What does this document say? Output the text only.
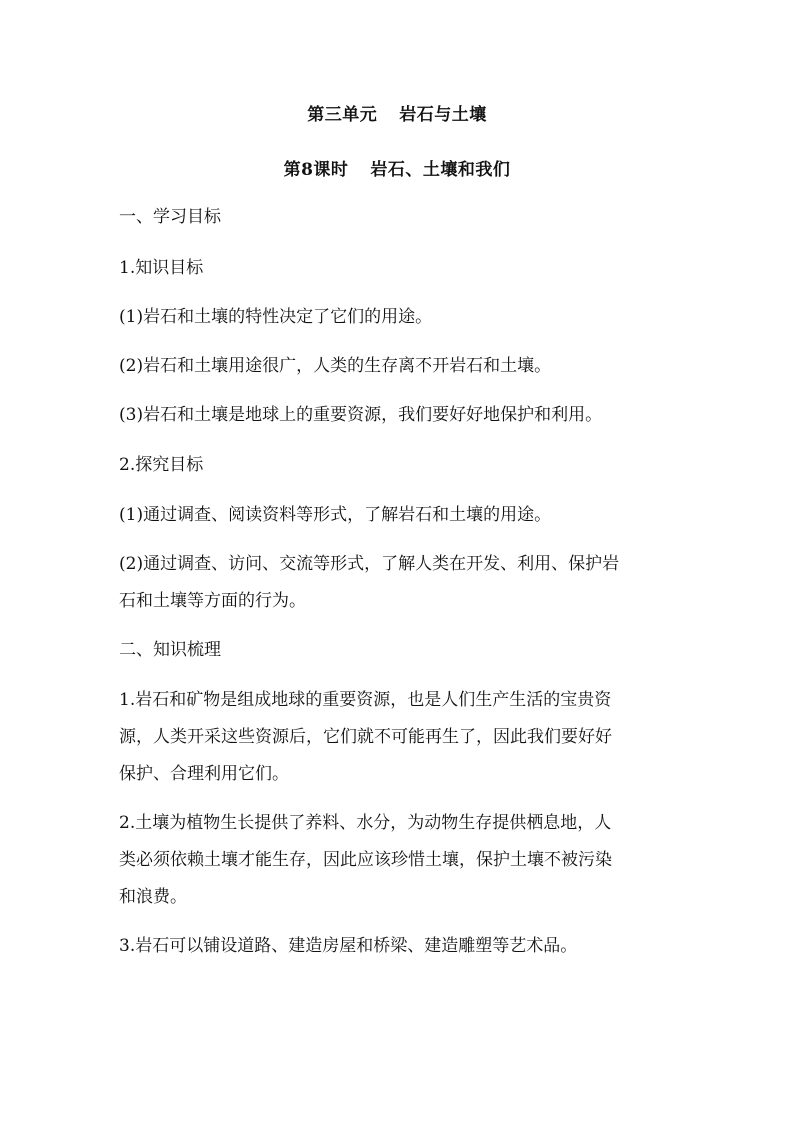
第三单元 岩石与土壤
第8课时 岩石、土壤和我们
一、学习目标
1.知识目标
(1)岩石和土壤的特性决定了它们的用途。
(2)岩石和土壤用途很广，人类的生存离不开岩石和土壤。
(3)岩石和土壤是地球上的重要资源，我们要好好地保护和利用。
2.探究目标
(1)通过调查、阅读资料等形式，了解岩石和土壤的用途。
(2)通过调查、访问、交流等形式，了解人类在开发、利用、保护岩
石和土壤等方面的行为。
二、知识梳理
1.岩石和矿物是组成地球的重要资源，也是人们生产生活的宝贵资
源，人类开采这些资源后，它们就不可能再生了，因此我们要好好
保护、合理利用它们。
2.土壤为植物生长提供了养料、水分，为动物生存提供栖息地，人
类必须依赖土壤才能生存，因此应该珍惜土壤，保护土壤不被污染
和浪费。
3.岩石可以铺设道路、建造房屋和桥梁、建造雕塑等艺术品。
